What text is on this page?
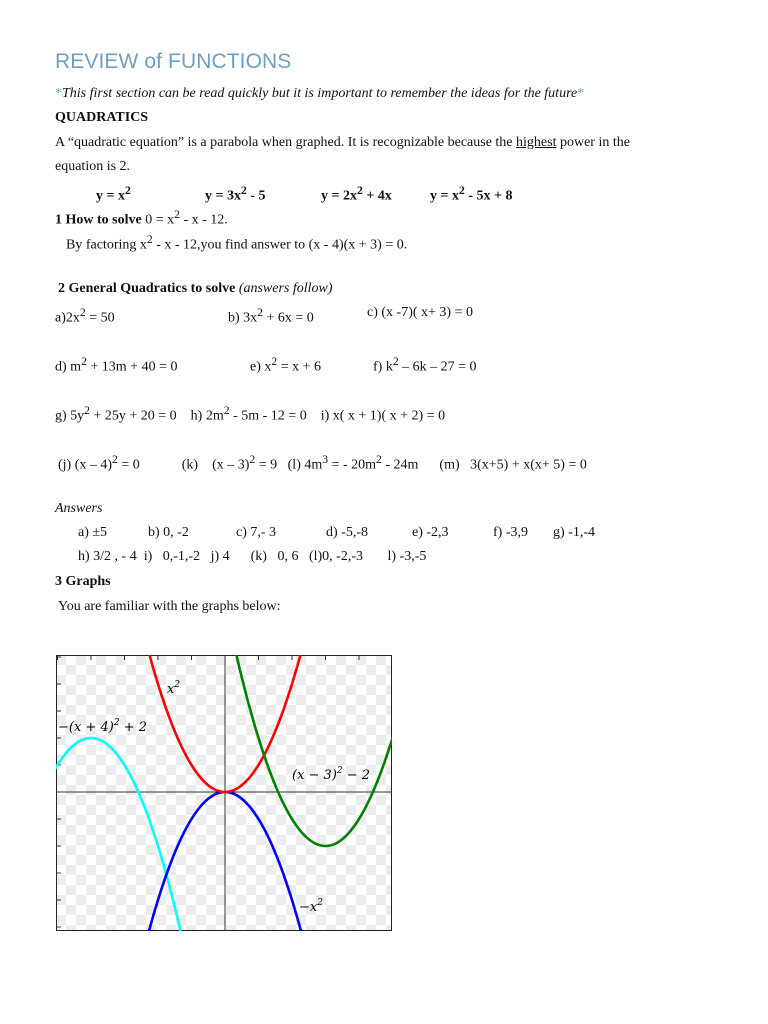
REVIEW of FUNCTIONS
*This first section can be read quickly but it is important to remember the ideas for the future*
QUADRATICS
A “quadratic equation” is a parabola when graphed. It is recognizable because the highest power in the
equation is 2.
$y = x^2$	$y = 3x^2 - 5$	$y = 2x^2 + 4x$	$y = x^2 - 5x + 8$
1 How to solve $0 = x^2 - x - 12$.
By factoring $x^2$ - x - 12,you find answer to (x - 4)(x + 3) = 0.
2 General Quadratics to solve (answers follow)
$a)2x^2 = 50$	b) $3x^2 + 6x = 0$	c) (x -7)( x+ 3) = 0
d) $m^2 + 13m + 40 = 0$	e) $x^2 = x + 6$	f) $k^2 - 6k - 27 = 0$
g) $5y^2 + 25y + 20 = 0$    h) $2m^2 - 5m - 12 = 0$    i) x( x + 1)( x + 2) = 0
(j) (x – 4)$^2$ = 0            (k)    (x – 3)$^2$ = 9   (l) $4m^3$ = - $20m^2 - 24m$      (m)   3(x+5) + x(x+ 5) = 0
Answers
a) ±5	b) 0, -2	c) 7,- 3	d) -5,-8	e) -2,3	f) -3,9 g) -1,-4
h) 3/2 , - 4  i)   0,-1,-2   j) 4      (k)   0, 6   (l)0, -2,-3       l) -3,-5
3 Graphs
You are familiar with the graphs below:
$x^2$
$-x^2$
$(x - 3)^2 - 2$
$-(x + 4)^2 + 2$
